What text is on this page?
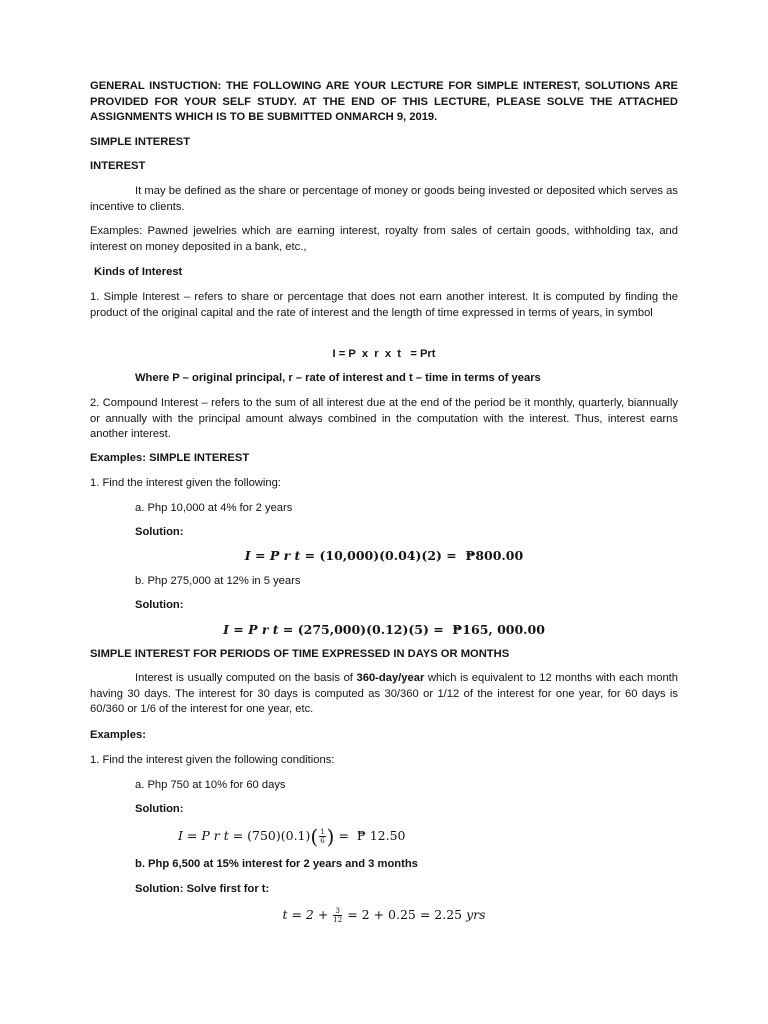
GENERAL INSTUCTION: THE FOLLOWING ARE YOUR LECTURE FOR SIMPLE INTEREST, SOLUTIONS ARE PROVIDED FOR YOUR SELF STUDY. AT THE END OF THIS LECTURE, PLEASE SOLVE THE ATTACHED ASSIGNMENTS WHICH IS TO BE SUBMITTED ONMARCH 9, 2019.

SIMPLE INTEREST

INTEREST

It may be defined as the share or percentage of money or goods being invested or deposited which serves as incentive to clients.

Examples: Pawned jewelries which are earning interest, royalty from sales of certain goods, withholding tax, and interest on money deposited in a bank, etc.,

Kinds of Interest

1. Simple Interest – refers to share or percentage that does not earn another interest. It is computed by finding the product of the original capital and the rate of interest and the length of time expressed in terms of years, in symbol

I = P  x  r  x  t   = Prt

Where P – original principal, r – rate of interest and t – time in terms of years

2. Compound Interest – refers to the sum of all interest due at the end of the period be it monthly, quarterly, biannually or annually with the principal amount always combined in the computation with the interest. Thus, interest earns another interest.

Examples: SIMPLE INTEREST

1. Find the interest given the following:

a. Php 10,000 at 4% for 2 years

Solution:

I = P r t = (10,000)(0.04)(2) =  ₱800.00

b. Php 275,000 at 12% in 5 years

Solution:

I = P r t = (275,000)(0.12)(5) =  ₱165, 000.00

SIMPLE INTEREST FOR PERIODS OF TIME EXPRESSED IN DAYS OR MONTHS

Interest is usually computed on the basis of 360-day/year which is equivalent to 12 months with each month having 30 days. The interest for 30 days is computed as 30/360 or 1/12 of the interest for one year, for 60 days is 60/360 or 1/6 of the interest for one year, etc.

Examples:

1. Find the interest given the following conditions:

a. Php 750 at 10% for 60 days

Solution:

I = P r $t = (750)(0.1)( \frac{1}{6}$ ) =  ₱ 12.50

b. Php 6,500 at 15% interest for 2 years and 3 months

Solution: Solve first for t:

$t = 2 + \frac{3}{12} = 2 + 0.25 = 2.25$ yrs
